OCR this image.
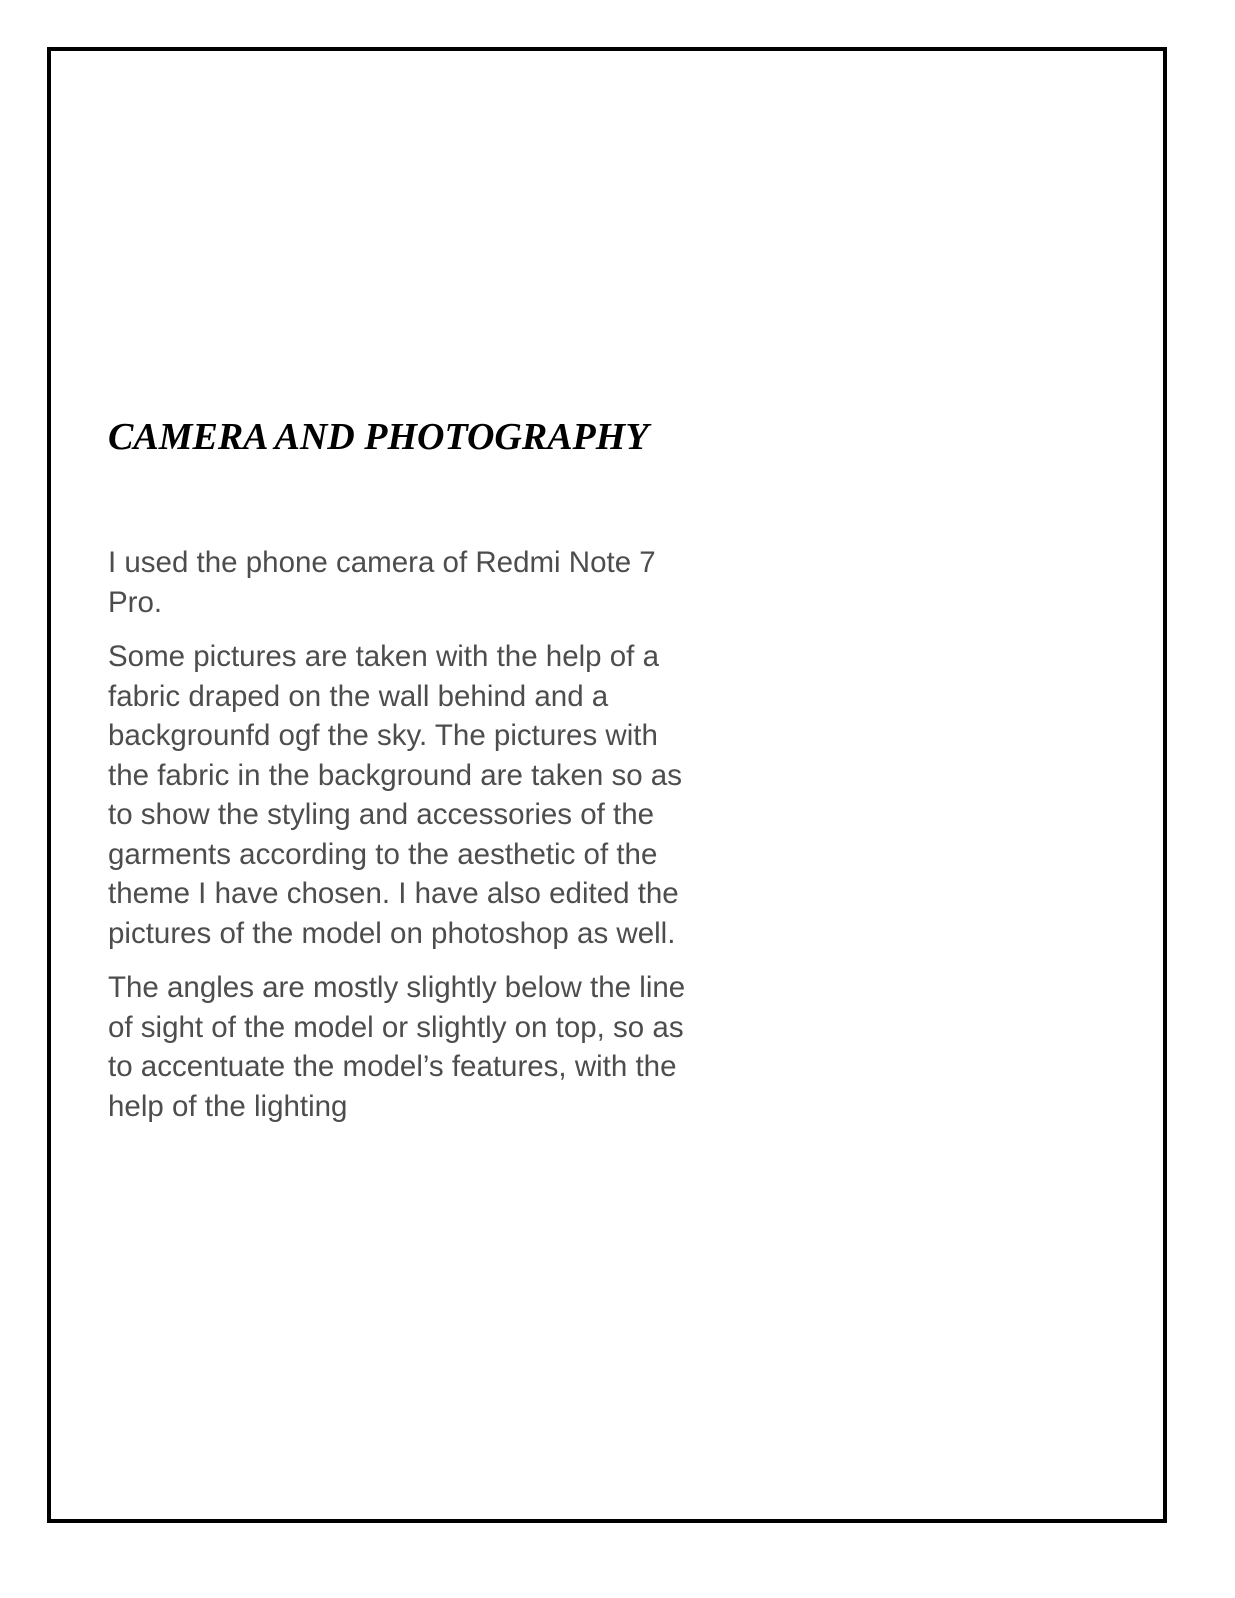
CAMERA AND PHOTOGRAPHY

I used the phone camera of Redmi Note 7
Pro.

Some pictures are taken with the help of a
fabric draped on the wall behind and a
backgrounfd ogf the sky. The pictures with
the fabric in the background are taken so as
to show the styling and accessories of the
garments according to the aesthetic of the
theme I have chosen. I have also edited the
pictures of the model on photoshop as well.

The angles are mostly slightly below the line
of sight of the model or slightly on top, so as
to accentuate the model’s features, with the
help of the lighting
